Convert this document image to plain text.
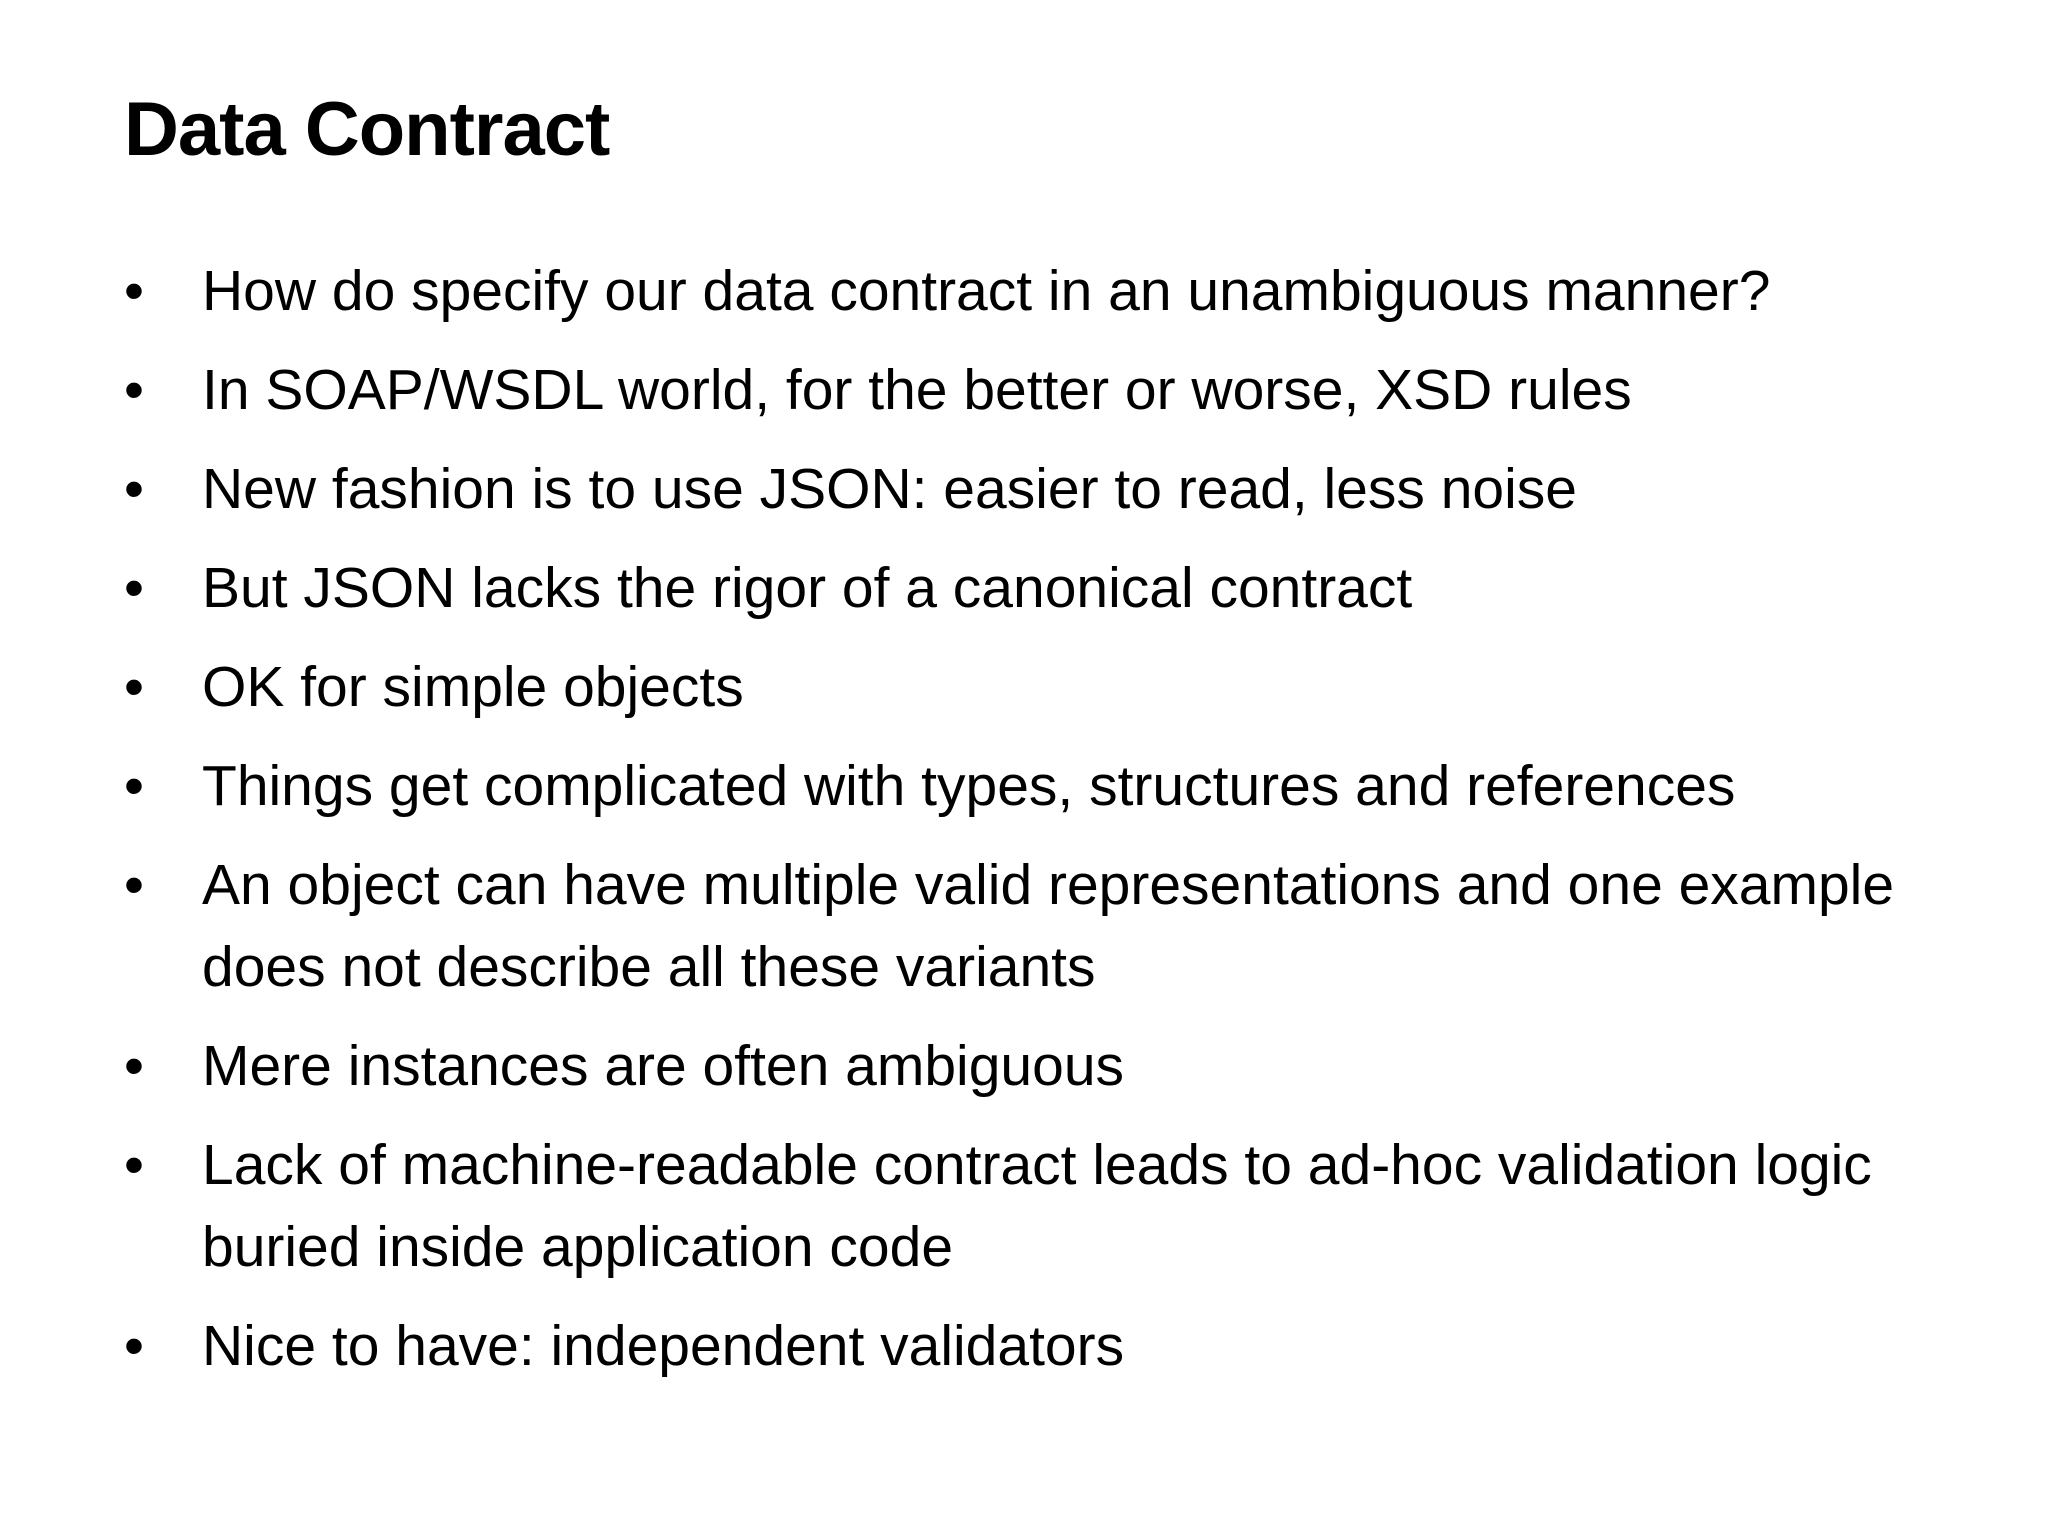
Data Contract
• How do specify our data contract in an unambiguous manner?
• In SOAP/WSDL world, for the better or worse, XSD rules
• New fashion is to use JSON: easier to read, less noise
• But JSON lacks the rigor of a canonical contract
• OK for simple objects
• Things get complicated with types, structures and references
• An object can have multiple valid representations and one example does not describe all these variants
• Mere instances are often ambiguous
• Lack of machine-readable contract leads to ad-hoc validation logic buried inside application code
• Nice to have: independent validators
